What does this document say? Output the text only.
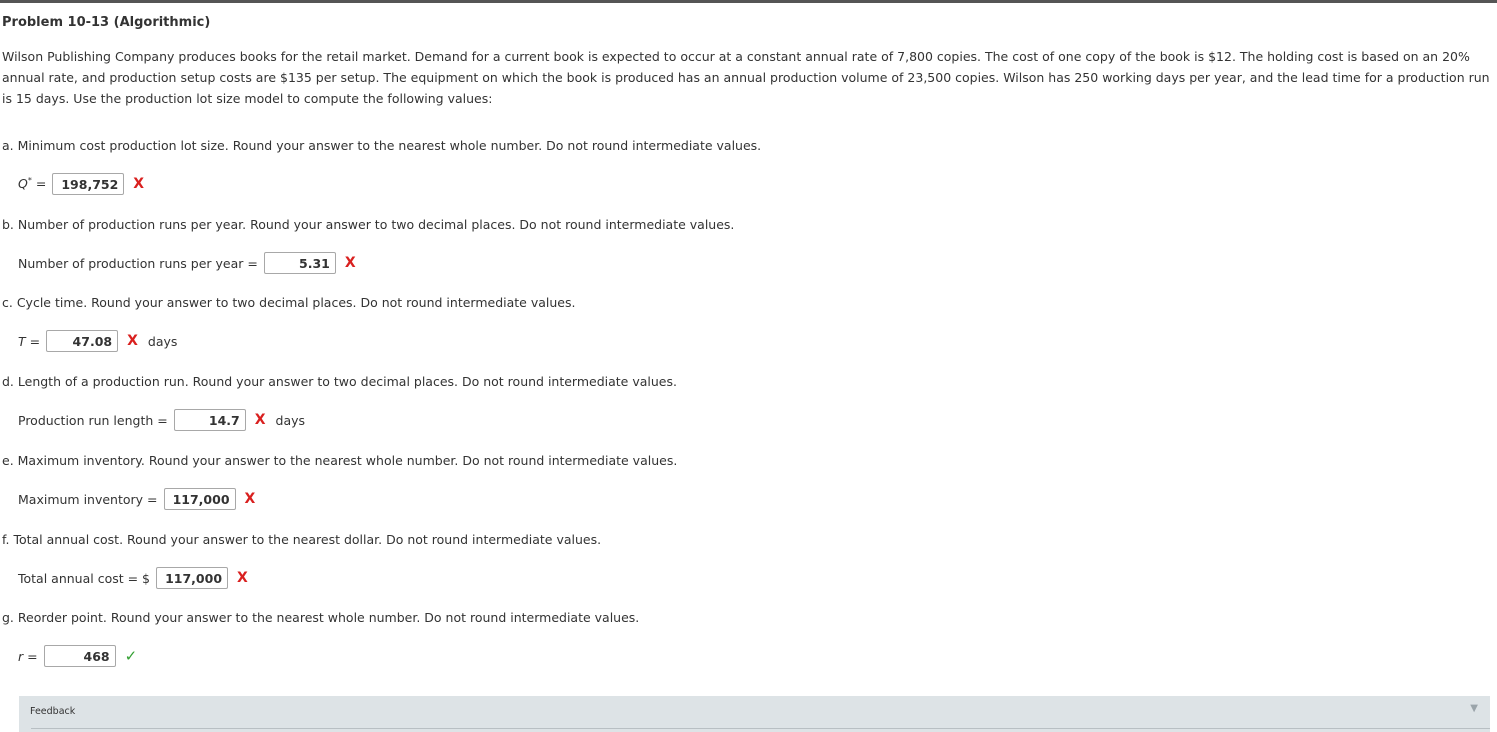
Problem 10-13 (Algorithmic)
Wilson Publishing Company produces books for the retail market. Demand for a current book is expected to occur at a constant annual rate of 7,800 copies. The cost of one copy of the book is $12. The holding cost is based on an 20% annual rate, and production setup costs are $135 per setup. The equipment on which the book is produced has an annual production volume of 23,500 copies. Wilson has 250 working days per year, and the lead time for a production run is 15 days. Use the production lot size model to compute the following values:
a. Minimum cost production lot size. Round your answer to the nearest whole number. Do not round intermediate values.
Q* =
198,752	X
b. Number of production runs per year. Round your answer to two decimal places. Do not round intermediate values.
Number of production runs per year =
5.31	X
c. Cycle time. Round your answer to two decimal places. Do not round intermediate values.
T =
47.08	X days
d. Length of a production run. Round your answer to two decimal places. Do not round intermediate values.
Production run length =
14.7	X days
e. Maximum inventory. Round your answer to the nearest whole number. Do not round intermediate values.
Maximum inventory =
117,000	X
f. Total annual cost. Round your answer to the nearest dollar. Do not round intermediate values.
Total annual cost = $
117,000	X
g. Reorder point. Round your answer to the nearest whole number. Do not round intermediate values.
r =
468	✓
Feedback	▼
